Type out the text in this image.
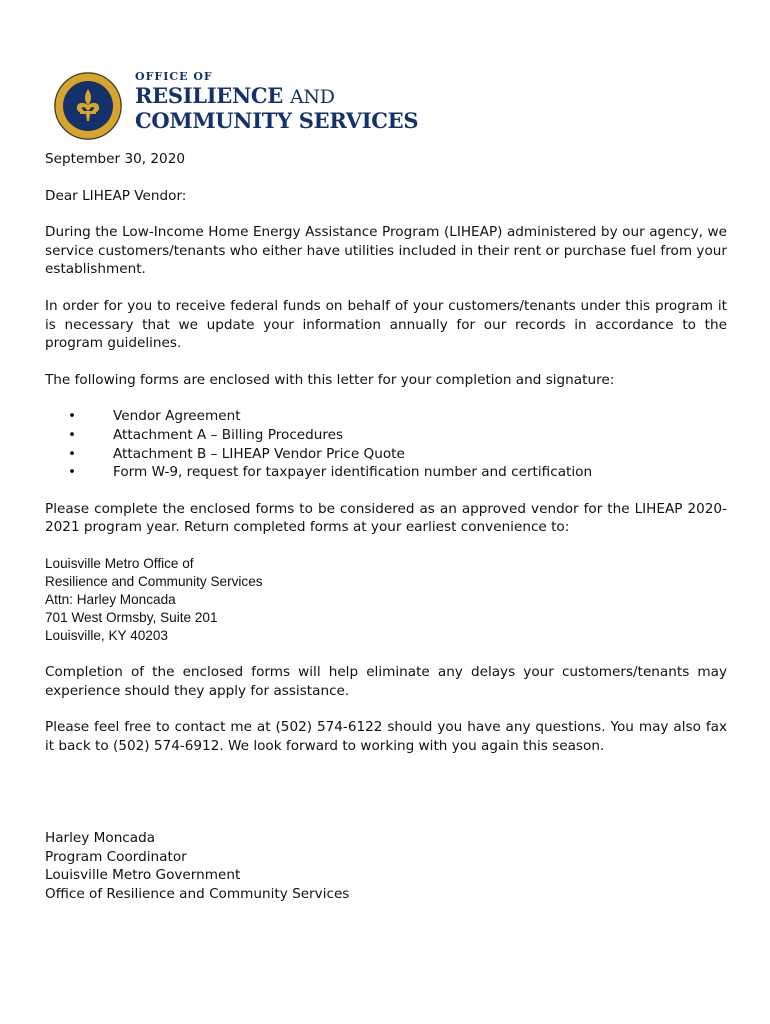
OFFICE OF
RESILIENCE AND
COMMUNITY SERVICES

September 30, 2020

Dear LIHEAP Vendor:

During the Low-Income Home Energy Assistance Program (LIHEAP) administered by our agency, we service customers/tenants who either have utilities included in their rent or purchase fuel from your establishment.

In order for you to receive federal funds on behalf of your customers/tenants under this program it is necessary that we update your information annually for our records in accordance to the program guidelines.

The following forms are enclosed with this letter for your completion and signature:

•	Vendor Agreement
•	Attachment A – Billing Procedures
•	Attachment B – LIHEAP Vendor Price Quote
•	Form W-9, request for taxpayer identification number and certification

Please complete the enclosed forms to be considered as an approved vendor for the LIHEAP 2020-2021 program year. Return completed forms at your earliest convenience to:

Louisville Metro Office of
Resilience and Community Services
Attn: Harley Moncada
701 West Ormsby, Suite 201
Louisville, KY 40203

Completion of the enclosed forms will help eliminate any delays your customers/tenants may experience should they apply for assistance.

Please feel free to contact me at (502) 574-6122 should you have any questions. You may also fax it back to (502) 574-6912. We look forward to working with you again this season.

Harley Moncada
Program Coordinator
Louisville Metro Government
Office of Resilience and Community Services
